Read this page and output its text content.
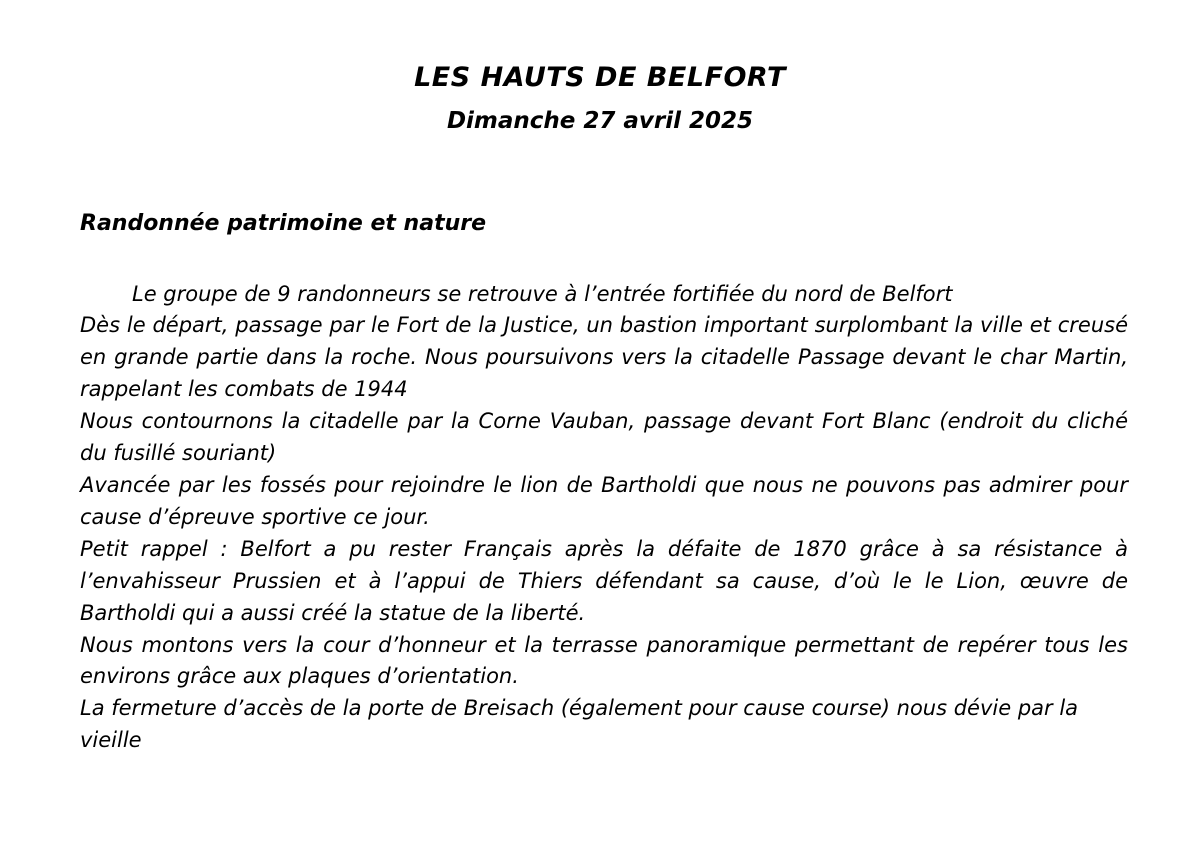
LES HAUTS DE BELFORT
Dimanche 27 avril 2025
Randonnée patrimoine et nature

Le groupe de 9 randonneurs se retrouve à l’entrée fortifiée du nord de Belfort

Dès le départ, passage par le Fort de la Justice, un bastion important surplombant la ville et creusé en grande partie dans la roche. Nous poursuivons vers la citadelle Passage devant le char Martin, rappelant les combats de 1944

Nous contournons la citadelle par la Corne Vauban, passage devant Fort Blanc (endroit du cliché du fusillé souriant)

Avancée par les fossés pour rejoindre le lion de Bartholdi que nous ne pouvons pas admirer pour cause d’épreuve sportive ce jour.

Petit rappel : Belfort a pu rester Français après la défaite de 1870 grâce à sa résistance à l’envahisseur Prussien et à l’appui de Thiers défendant sa cause, d’où le le Lion, œuvre de Bartholdi qui a aussi créé la statue de la liberté.

Nous montons vers la cour d’honneur et la terrasse panoramique permettant de repérer tous les environs grâce aux plaques d’orientation.

La fermeture d’accès de la porte de Breisach (également pour cause course) nous dévie par la vieille
